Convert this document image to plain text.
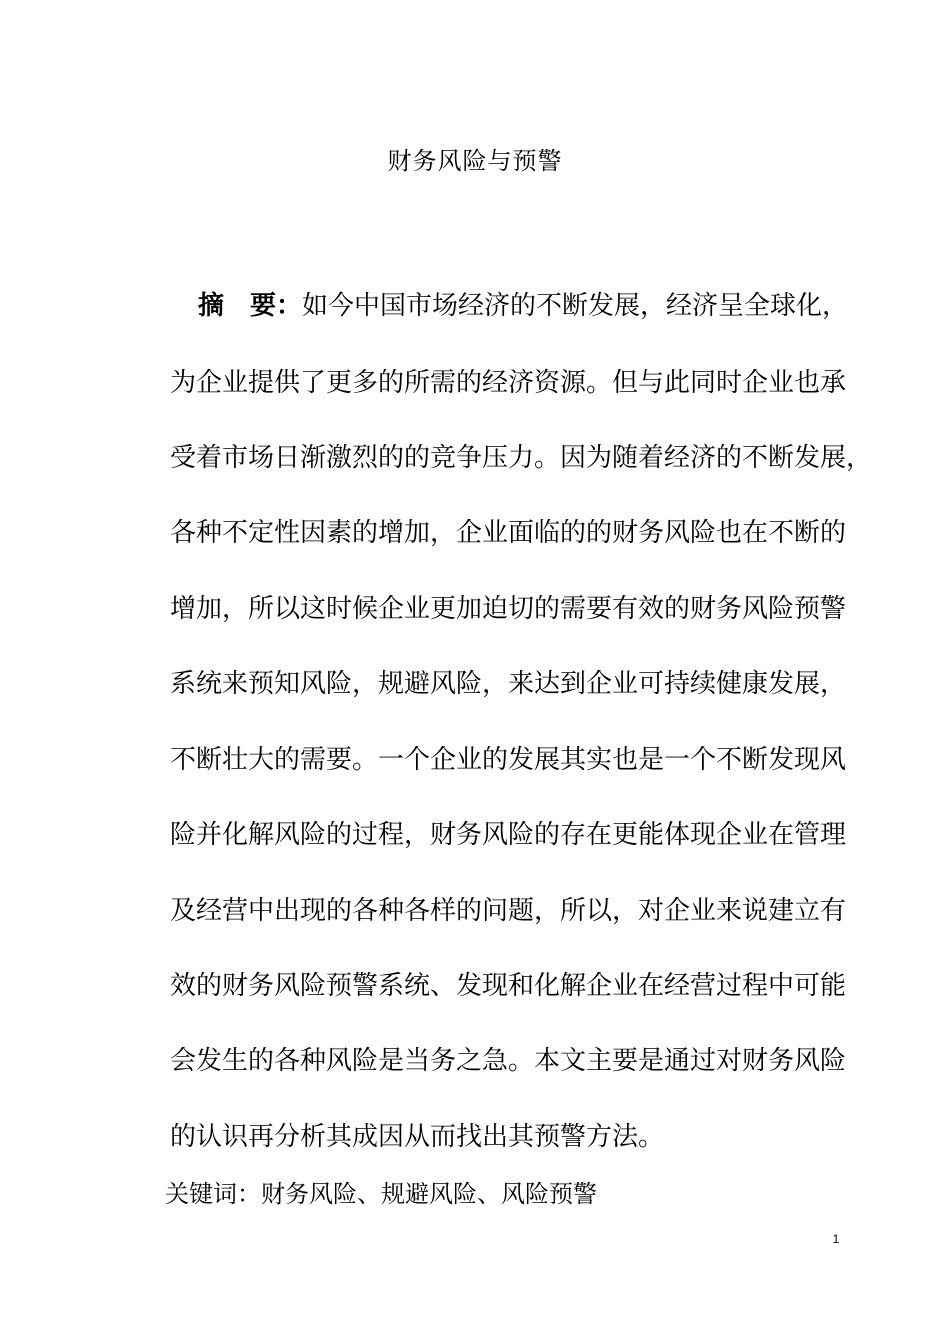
财务风险与预警

摘 要：如今中国市场经济的不断发展，经济呈全球化，

为企业提供了更多的所需的经济资源。但与此同时企业也承

受着市场日渐激烈的的竞争压力。因为随着经济的不断发展，

各种不定性因素的增加，企业面临的的财务风险也在不断的

增加，所以这时候企业更加迫切的需要有效的财务风险预警

系统来预知风险，规避风险，来达到企业可持续健康发展，

不断壮大的需要。一个企业的发展其实也是一个不断发现风

险并化解风险的过程，财务风险的存在更能体现企业在管理

及经营中出现的各种各样的问题，所以，对企业来说建立有

效的财务风险预警系统、发现和化解企业在经营过程中可能

会发生的各种风险是当务之急。本文主要是通过对财务风险

的认识再分析其成因从而找出其预警方法。

关键词：财务风险、规避风险、风险预警

1
